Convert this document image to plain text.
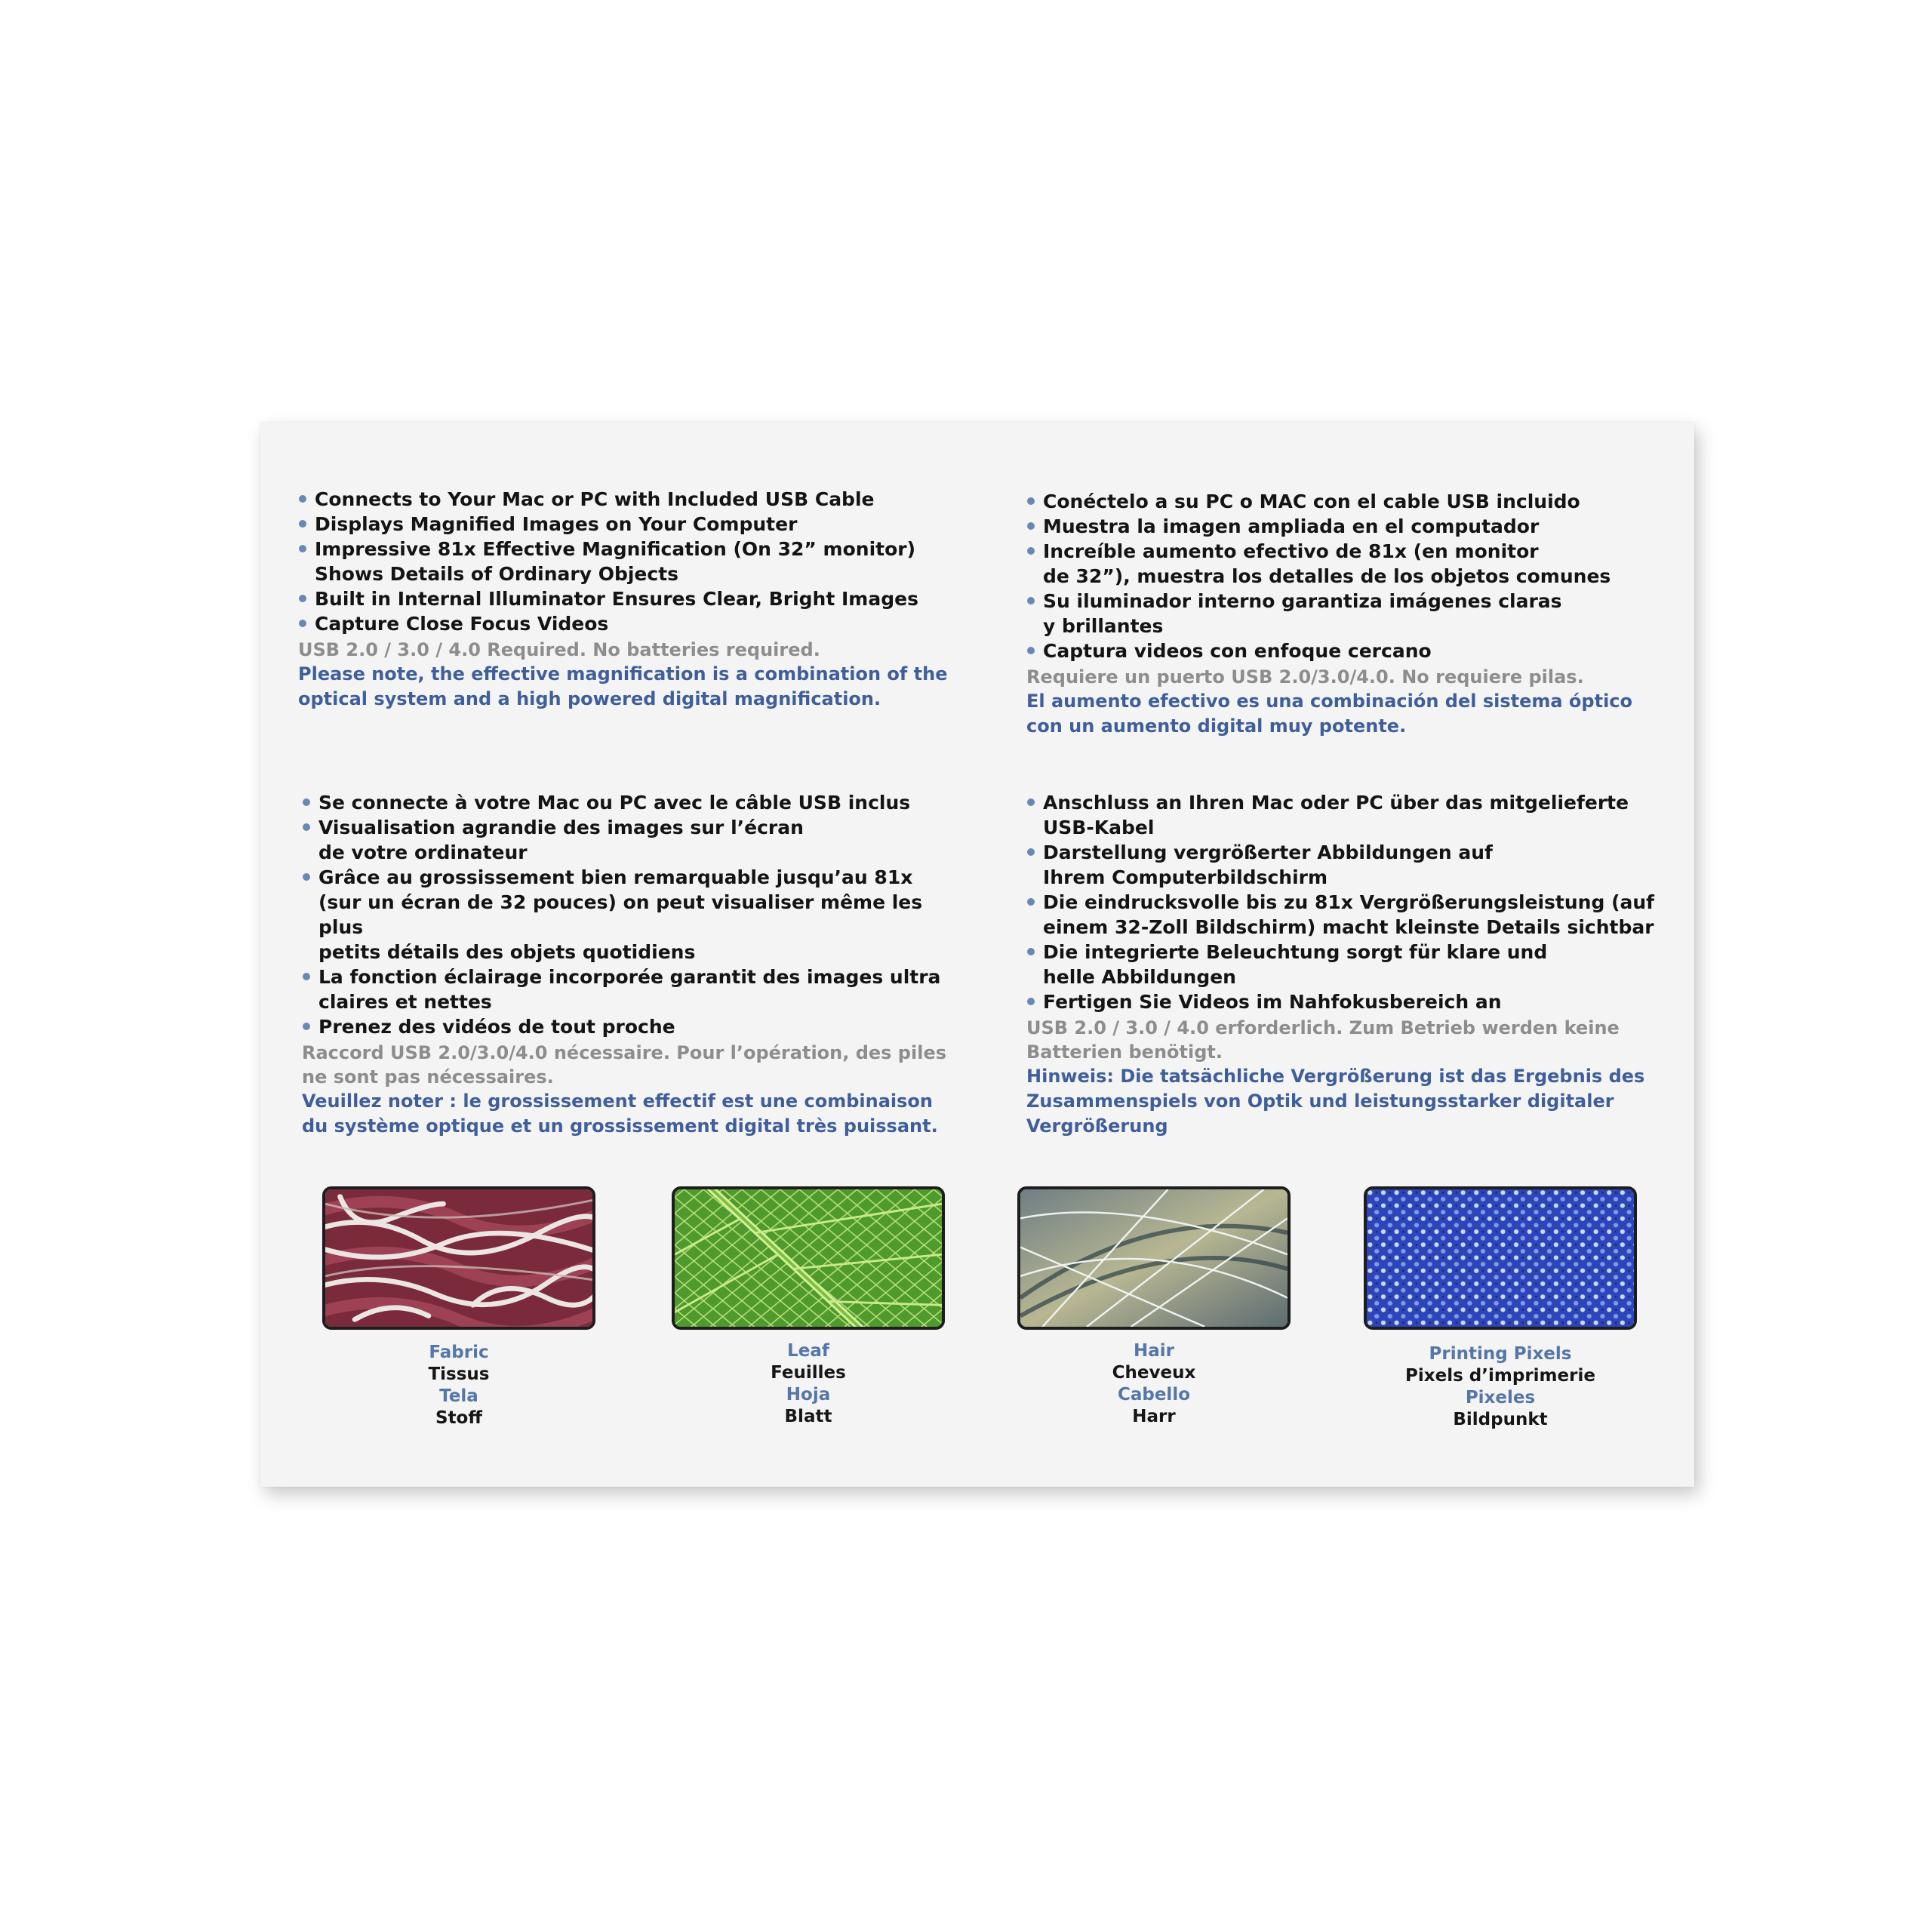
Connects to Your Mac or PC with Included USB Cable
Displays Magnified Images on Your Computer
Impressive 81x Effective Magnification (On 32” monitor)
Shows Details of Ordinary Objects
Built in Internal Illuminator Ensures Clear, Bright Images
Capture Close Focus Videos

USB 2.0 / 3.0 / 4.0 Required. No batteries required.

Please note, the effective magnification is a combination of the
optical system and a high powered digital magnification.

Conéctelo a su PC o MAC con el cable USB incluido
Muestra la imagen ampliada en el computador
Increíble aumento efectivo de 81x (en monitor
de 32”), muestra los detalles de los objetos comunes
Su iluminador interno garantiza imágenes claras
y brillantes
Captura videos con enfoque cercano

Requiere un puerto USB 2.0/3.0/4.0. No requiere pilas.

El aumento efectivo es una combinación del sistema óptico
con un aumento digital muy potente.

Se connecte à votre Mac ou PC avec le câble USB inclus
Visualisation agrandie des images sur l’écran
de votre ordinateur
Grâce au grossissement bien remarquable jusqu’au 81x
(sur un écran de 32 pouces) on peut visualiser même les plus
petits détails des objets quotidiens
La fonction éclairage incorporée garantit des images ultra
claires et nettes
Prenez des vidéos de tout proche

Raccord USB 2.0/3.0/4.0 nécessaire. Pour l’opération, des piles
ne sont pas nécessaires.

Veuillez noter : le grossissement effectif est une combinaison
du système optique et un grossissement digital très puissant.

Anschluss an Ihren Mac oder PC über das mitgelieferte
USB-Kabel
Darstellung vergrößerter Abbildungen auf
Ihrem Computerbildschirm
Die eindrucksvolle bis zu 81x Vergrößerungsleistung (auf
einem 32-Zoll Bildschirm) macht kleinste Details sichtbar
Die integrierte Beleuchtung sorgt für klare und
helle Abbildungen
Fertigen Sie Videos im Nahfokusbereich an

USB 2.0 / 3.0 / 4.0 erforderlich. Zum Betrieb werden keine
Batterien benötigt.

Hinweis: Die tatsächliche Vergrößerung ist das Ergebnis des
Zusammenspiels von Optik und leistungsstarker digitaler
Vergrößerung

Fabric
Tissus
Tela
Stoff
Leaf
Feuilles
Hoja
Blatt
Hair
Cheveux
Cabello
Harr
Printing Pixels
Pixels d’imprimerie
Pixeles
Bildpunkt
